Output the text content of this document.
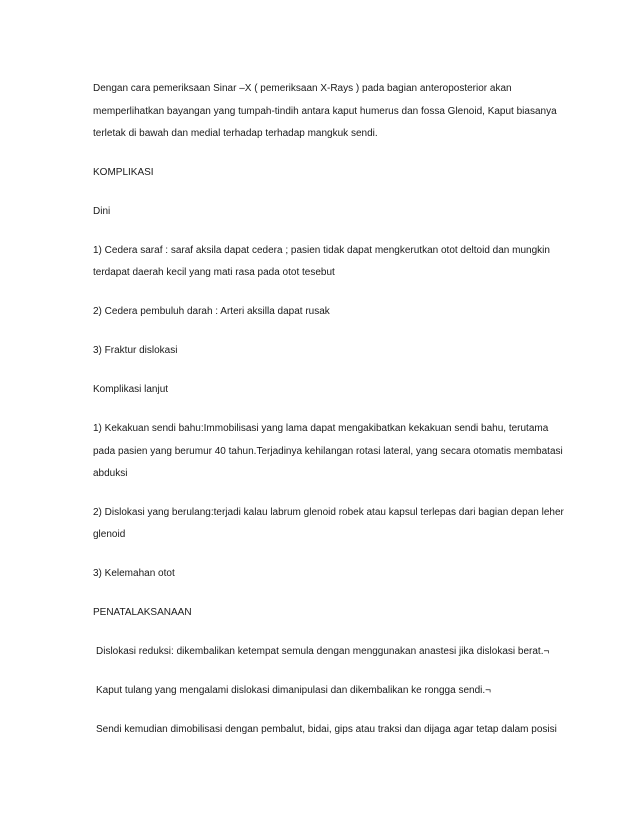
Dengan cara pemeriksaan Sinar –X ( pemeriksaan X-Rays ) pada bagian anteroposterior akan
memperlihatkan bayangan yang tumpah-tindih antara kaput humerus dan fossa Glenoid, Kaput biasanya
terletak di bawah dan medial terhadap terhadap mangkuk sendi.
KOMPLIKASI
Dini
1) Cedera saraf : saraf aksila dapat cedera ; pasien tidak dapat mengkerutkan otot deltoid dan mungkin
terdapat daerah kecil yang mati rasa pada otot tesebut
2) Cedera pembuluh darah : Arteri aksilla dapat rusak
3) Fraktur dislokasi
Komplikasi lanjut
1) Kekakuan sendi bahu:Immobilisasi yang lama dapat mengakibatkan kekakuan sendi bahu, terutama
pada pasien yang berumur 40 tahun.Terjadinya kehilangan rotasi lateral, yang secara otomatis membatasi
abduksi
2) Dislokasi yang berulang:terjadi kalau labrum glenoid robek atau kapsul terlepas dari bagian depan leher
glenoid
3) Kelemahan otot
PENATALAKSANAAN
Dislokasi reduksi: dikembalikan ketempat semula dengan menggunakan anastesi jika dislokasi berat.¬
Kaput tulang yang mengalami dislokasi dimanipulasi dan dikembalikan ke rongga sendi.¬
Sendi kemudian dimobilisasi dengan pembalut, bidai, gips atau traksi dan dijaga agar tetap dalam posisi
